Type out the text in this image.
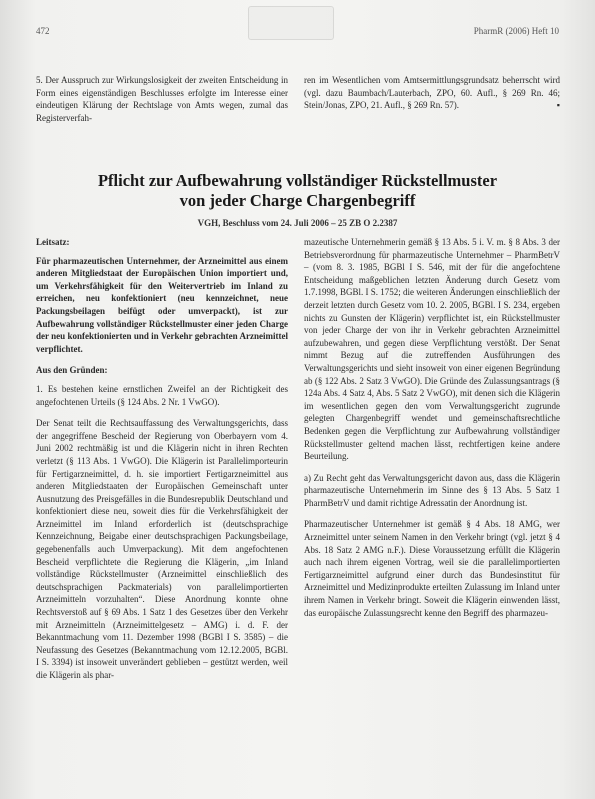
472	PharmR (2006) Heft 10

5. Der Ausspruch zur Wirkungslosigkeit der zweiten Entscheidung in Form eines eigenständigen Beschlusses erfolgte im Interesse einer eindeutigen Klärung der Rechtslage von Amts wegen, zumal das Registerverfah-

ren im Wesentlichen vom Amtsermittlungsgrundsatz beherrscht wird (vgl. dazu Baumbach/Lauterbach, ZPO, 60. Aufl., § 269 Rn. 46; Stein/Jonas, ZPO, 21. Aufl., § 269 Rn. 57).	▪

Pflicht zur Aufbewahrung vollständiger Rückstellmuster
von jeder Charge Chargenbegriff
VGH, Beschluss vom 24. Juli 2006 – 25 ZB O 2.2387

Leitsatz:

Für pharmazeutischen Unternehmer, der Arzneimittel aus einem anderen Mitgliedstaat der Europäischen Union importiert und, um Verkehrsfähigkeit für den Weitervertrieb im Inland zu erreichen, neu konfektioniert (neu kennzeichnet, neue Packungsbeilagen beifügt oder umverpackt), ist zur Aufbewahrung vollständiger Rückstellmuster einer jeden Charge der neu konfektionierten und in Verkehr gebrachten Arzneimittel verpflichtet.

Aus den Gründen:

1. Es bestehen keine ernstlichen Zweifel an der Richtigkeit des angefochtenen Urteils (§ 124 Abs. 2 Nr. 1 VwGO).

Der Senat teilt die Rechtsauffassung des Verwaltungsgerichts, dass der angegriffene Bescheid der Regierung von Oberbayern vom 4. Juni 2002 rechtmäßig ist und die Klägerin nicht in ihren Rechten verletzt (§ 113 Abs. 1 VwGO). Die Klägerin ist Parallelimporteurin für Fertigarzneimittel, d. h. sie importiert Fertigarzneimittel aus anderen Mitgliedstaaten der Europäischen Gemeinschaft unter Ausnutzung des Preisgefälles in die Bundesrepublik Deutschland und konfektioniert diese neu, soweit dies für die Verkehrsfähigkeit der Arzneimittel im Inland erforderlich ist (deutschsprachige Kennzeichnung, Beigabe einer deutschsprachigen Packungsbeilage, gegebenenfalls auch Umverpackung). Mit dem angefochtenen Bescheid verpflichtete die Regierung die Klägerin, „im Inland vollständige Rückstellmuster (Arzneimittel einschließlich des deutschsprachigen Packmaterials) von parallelimportierten Arzneimitteln vorzuhalten“. Diese Anordnung konnte ohne Rechtsverstoß auf § 69 Abs. 1 Satz 1 des Gesetzes über den Verkehr mit Arzneimitteln (Arzneimittelgesetz – AMG) i. d. F. der Bekanntmachung vom 11. Dezember 1998 (BGBl I S. 3585) – die Neufassung des Gesetzes (Bekanntmachung vom 12.12.2005, BGBl. I S. 3394) ist insoweit unverändert geblieben – gestützt werden, weil die Klägerin als phar-

mazeutische Unternehmerin gemäß § 13 Abs. 5 i. V. m. § 8 Abs. 3 der Betriebsverordnung für pharmazeutische Unternehmer – PharmBetrV – (vom 8. 3. 1985, BGBl I S. 546, mit der für die angefochtene Entscheidung maßgeblichen letzten Änderung durch Gesetz vom 1.7.1998, BGBl. I S. 1752; die weiteren Änderungen einschließlich der derzeit letzten durch Gesetz vom 10. 2. 2005, BGBl. I S. 234, ergeben nichts zu Gunsten der Klägerin) verpflichtet ist, ein Rückstellmuster von jeder Charge der von ihr in Verkehr gebrachten Arzneimittel aufzubewahren, und gegen diese Verpflichtung verstößt. Der Senat nimmt Bezug auf die zutreffenden Ausführungen des Verwaltungsgerichts und sieht insoweit von einer eigenen Begründung ab (§ 122 Abs. 2 Satz 3 VwGO). Die Gründe des Zulassungsantrags (§ 124a Abs. 4 Satz 4, Abs. 5 Satz 2 VwGO), mit denen sich die Klägerin im wesentlichen gegen den vom Verwaltungsgericht zugrunde gelegten Chargenbegriff wendet und gemeinschaftsrechtliche Bedenken gegen die Verpflichtung zur Aufbewahrung vollständiger Rückstellmuster geltend machen lässt, rechtfertigen keine andere Beurteilung.

a) Zu Recht geht das Verwaltungsgericht davon aus, dass die Klägerin pharmazeutische Unternehmerin im Sinne des § 13 Abs. 5 Satz 1 PharmBetrV und damit richtige Adressatin der Anordnung ist.

Pharmazeutischer Unternehmer ist gemäß § 4 Abs. 18 AMG, wer Arzneimittel unter seinem Namen in den Verkehr bringt (vgl. jetzt § 4 Abs. 18 Satz 2 AMG n.F.). Diese Voraussetzung erfüllt die Klägerin auch nach ihrem eigenen Vortrag, weil sie die parallelimportierten Fertigarzneimittel aufgrund einer durch das Bundesinstitut für Arzneimittel und Medizinprodukte erteilten Zulassung im Inland unter ihrem Namen in Verkehr bringt. Soweit die Klägerin einwenden lässt, das europäische Zulassungsrecht kenne den Begriff des pharmazeu-
